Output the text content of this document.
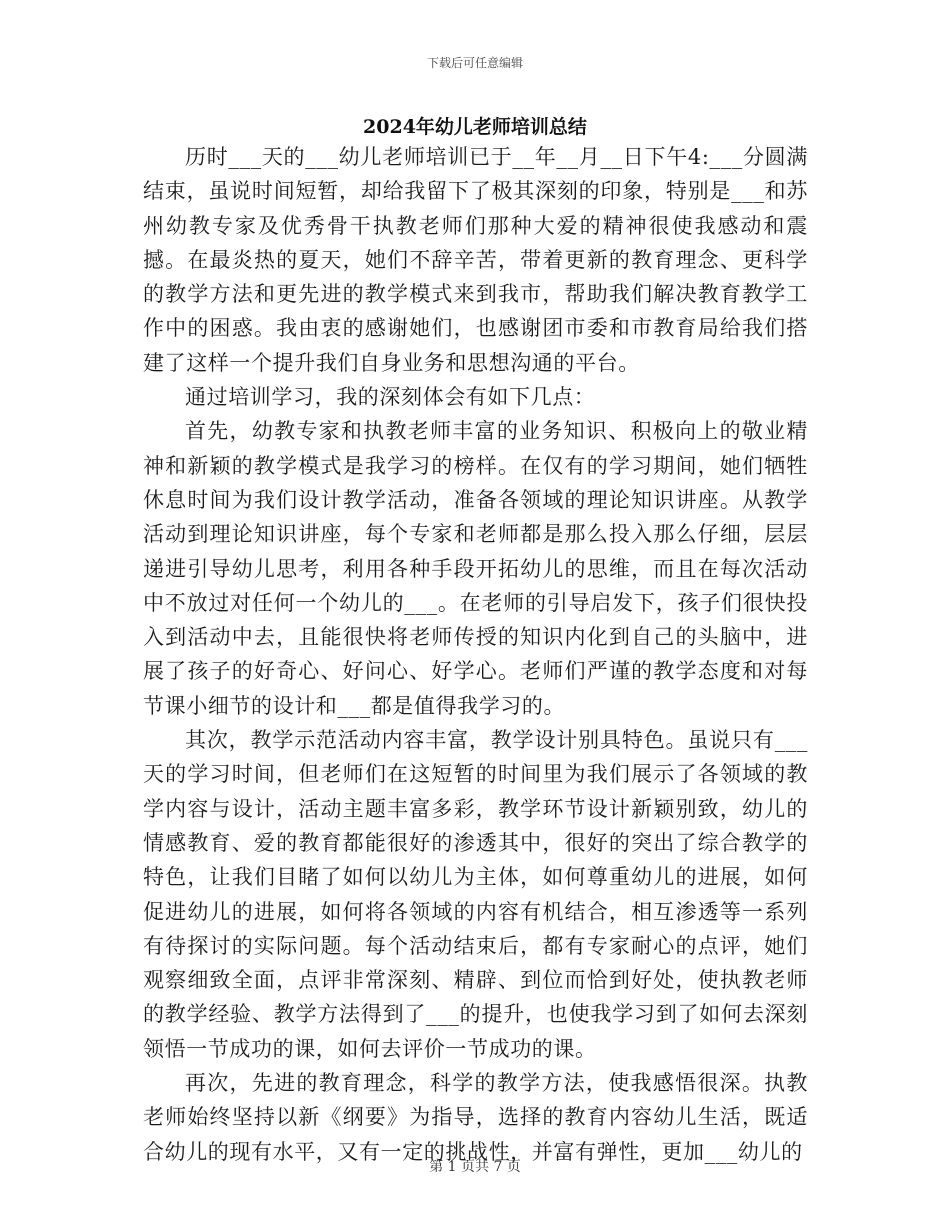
下载后可任意编辑
2024年幼儿老师培训总结

历时___天的___幼儿老师培训已于__年__月__日下午4:___分圆满结束，虽说时间短暂，却给我留下了极其深刻的印象，特别是___和苏州幼教专家及优秀骨干执教老师们那种大爱的精神很使我感动和震撼。在最炎热的夏天，她们不辞辛苦，带着更新的教育理念、更科学的教学方法和更先进的教学模式来到我市，帮助我们解决教育教学工作中的困惑。我由衷的感谢她们，也感谢团市委和市教育局给我们搭建了这样一个提升我们自身业务和思想沟通的平台。

通过培训学习，我的深刻体会有如下几点：

首先，幼教专家和执教老师丰富的业务知识、积极向上的敬业精神和新颖的教学模式是我学习的榜样。在仅有的学习期间，她们牺牲休息时间为我们设计教学活动，准备各领域的理论知识讲座。从教学活动到理论知识讲座，每个专家和老师都是那么投入那么仔细，层层递进引导幼儿思考，利用各种手段开拓幼儿的思维，而且在每次活动中不放过对任何一个幼儿的___。在老师的引导启发下，孩子们很快投入到活动中去，且能很快将老师传授的知识内化到自己的头脑中，进展了孩子的好奇心、好问心、好学心。老师们严谨的教学态度和对每节课小细节的设计和___都是值得我学习的。

其次，教学示范活动内容丰富，教学设计别具特色。虽说只有___天的学习时间，但老师们在这短暂的时间里为我们展示了各领域的教学内容与设计，活动主题丰富多彩，教学环节设计新颖别致，幼儿的情感教育、爱的教育都能很好的渗透其中，很好的突出了综合教学的特色，让我们目睹了如何以幼儿为主体，如何尊重幼儿的进展，如何促进幼儿的进展，如何将各领域的内容有机结合，相互渗透等一系列有待探讨的实际问题。每个活动结束后，都有专家耐心的点评，她们观察细致全面，点评非常深刻、精辟、到位而恰到好处，使执教老师的教学经验、教学方法得到了___的提升，也使我学习到了如何去深刻领悟一节成功的课，如何去评价一节成功的课。

再次，先进的教育理念，科学的教学方法，使我感悟很深。执教老师始终坚持以新《纲要》为指导，选择的教育内容幼儿生活，既适合幼儿的现有水平，又有一定的挑战性，并富有弹性，更加___幼儿的

第 1 页共 7 页
